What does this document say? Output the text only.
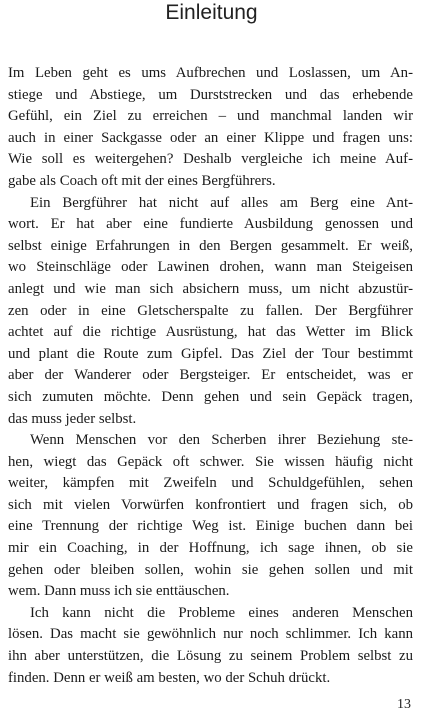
Einleitung
Im Leben geht es ums Aufbrechen und Loslassen, um An-
stiege und Abstiege, um Durststrecken und das erhebende
Gefühl, ein Ziel zu erreichen – und manchmal landen wir
auch in einer Sackgasse oder an einer Klippe und fragen uns:
Wie soll es weitergehen? Deshalb vergleiche ich meine Auf-
gabe als Coach oft mit der eines Bergführers.
Ein Bergführer hat nicht auf alles am Berg eine Ant-
wort. Er hat aber eine fundierte Ausbildung genossen und
selbst einige Erfahrungen in den Bergen gesammelt. Er weiß,
wo Steinschläge oder Lawinen drohen, wann man Steigeisen
anlegt und wie man sich absichern muss, um nicht abzustür-
zen oder in eine Gletscherspalte zu fallen. Der Bergführer
achtet auf die richtige Ausrüstung, hat das Wetter im Blick
und plant die Route zum Gipfel. Das Ziel der Tour bestimmt
aber der Wanderer oder Bergsteiger. Er entscheidet, was er
sich zumuten möchte. Denn gehen und sein Gepäck tragen,
das muss jeder selbst.
Wenn Menschen vor den Scherben ihrer Beziehung ste-
hen, wiegt das Gepäck oft schwer. Sie wissen häufig nicht
weiter, kämpfen mit Zweifeln und Schuldgefühlen, sehen
sich mit vielen Vorwürfen konfrontiert und fragen sich, ob
eine Trennung der richtige Weg ist. Einige buchen dann bei
mir ein Coaching, in der Hoffnung, ich sage ihnen, ob sie
gehen oder bleiben sollen, wohin sie gehen sollen und mit
wem. Dann muss ich sie enttäuschen.
Ich kann nicht die Probleme eines anderen Menschen
lösen. Das macht sie gewöhnlich nur noch schlimmer. Ich kann
ihn aber unterstützen, die Lösung zu seinem Problem selbst zu
finden. Denn er weiß am besten, wo der Schuh drückt.
13
